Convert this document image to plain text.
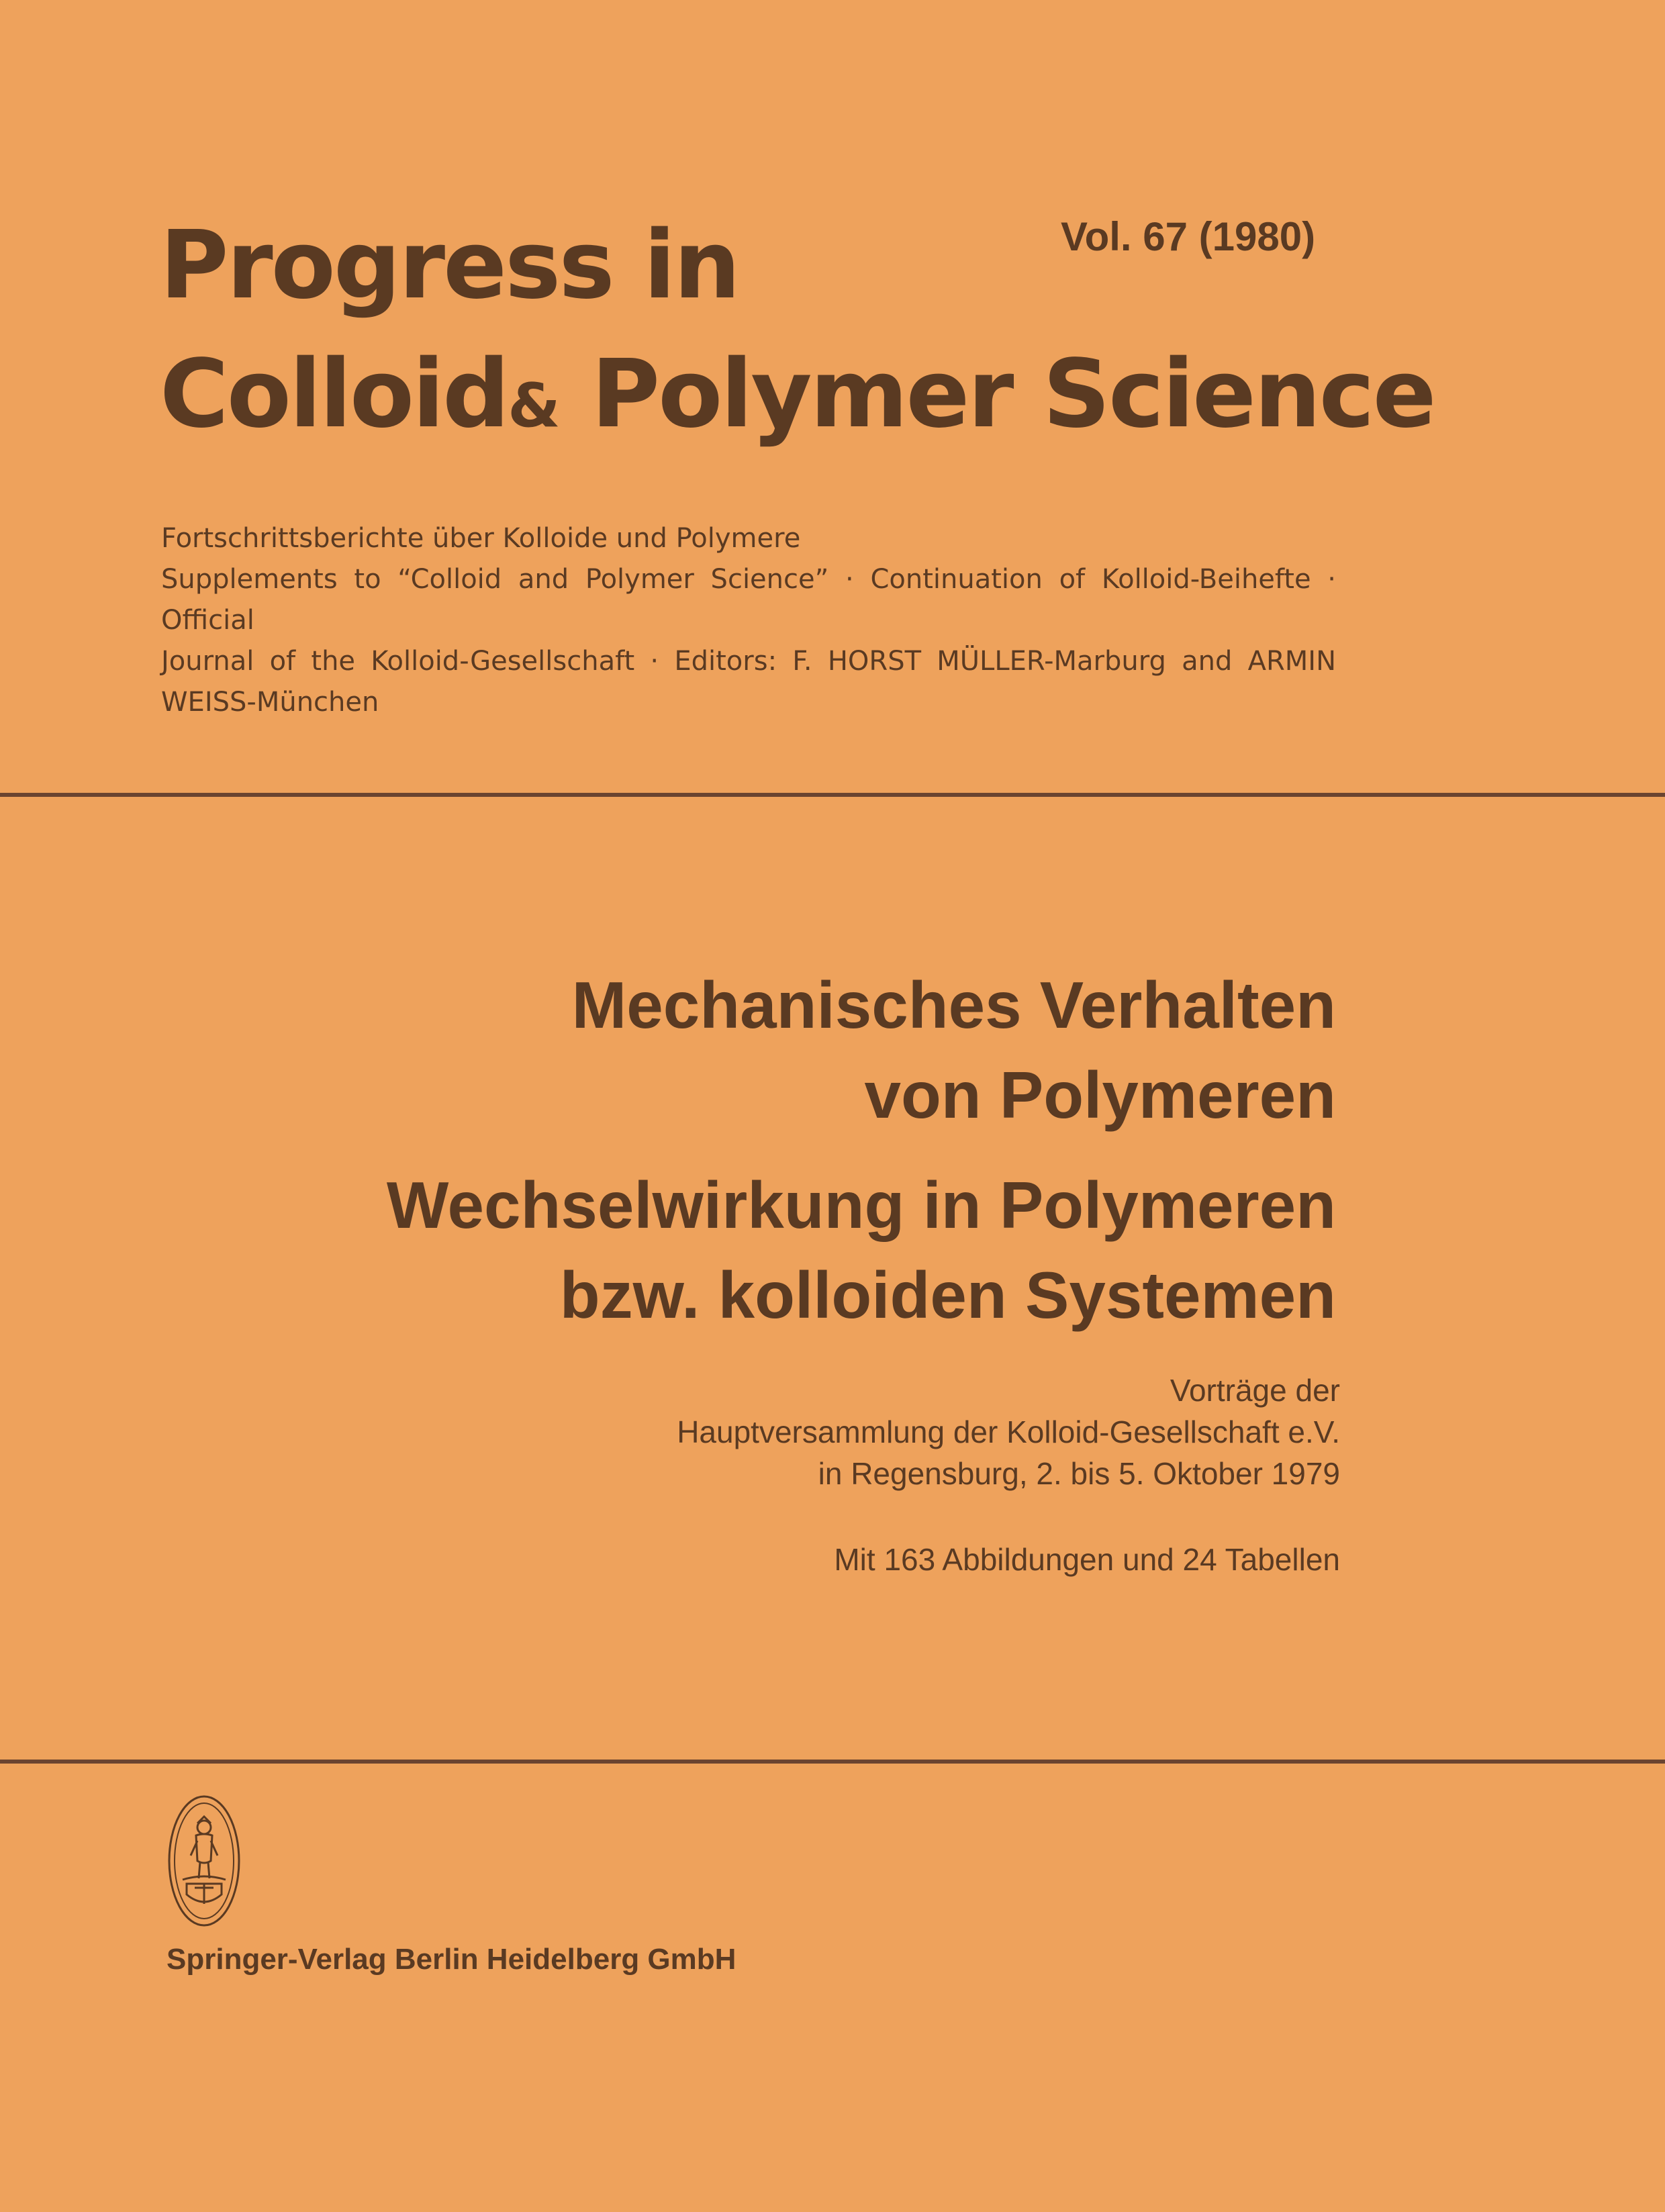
Progress in
Colloid& Polymer Science
Vol. 67 (1980)
Fortschrittsberichte über Kolloide und Polymere
Supplements to “Colloid and Polymer Science” · Continuation of Kolloid-Beihefte · Official
Journal of the Kolloid-Gesellschaft · Editors: F. HORST MÜLLER-Marburg and ARMIN
WEISS-München
Mechanisches Verhalten
von Polymeren
Wechselwirkung in Polymeren
bzw. kolloiden Systemen
Vorträge der
Hauptversammlung der Kolloid-Gesellschaft e.V.
in Regensburg, 2. bis 5. Oktober 1979
Mit 163 Abbildungen und 24 Tabellen
Springer-Verlag Berlin Heidelberg GmbH
